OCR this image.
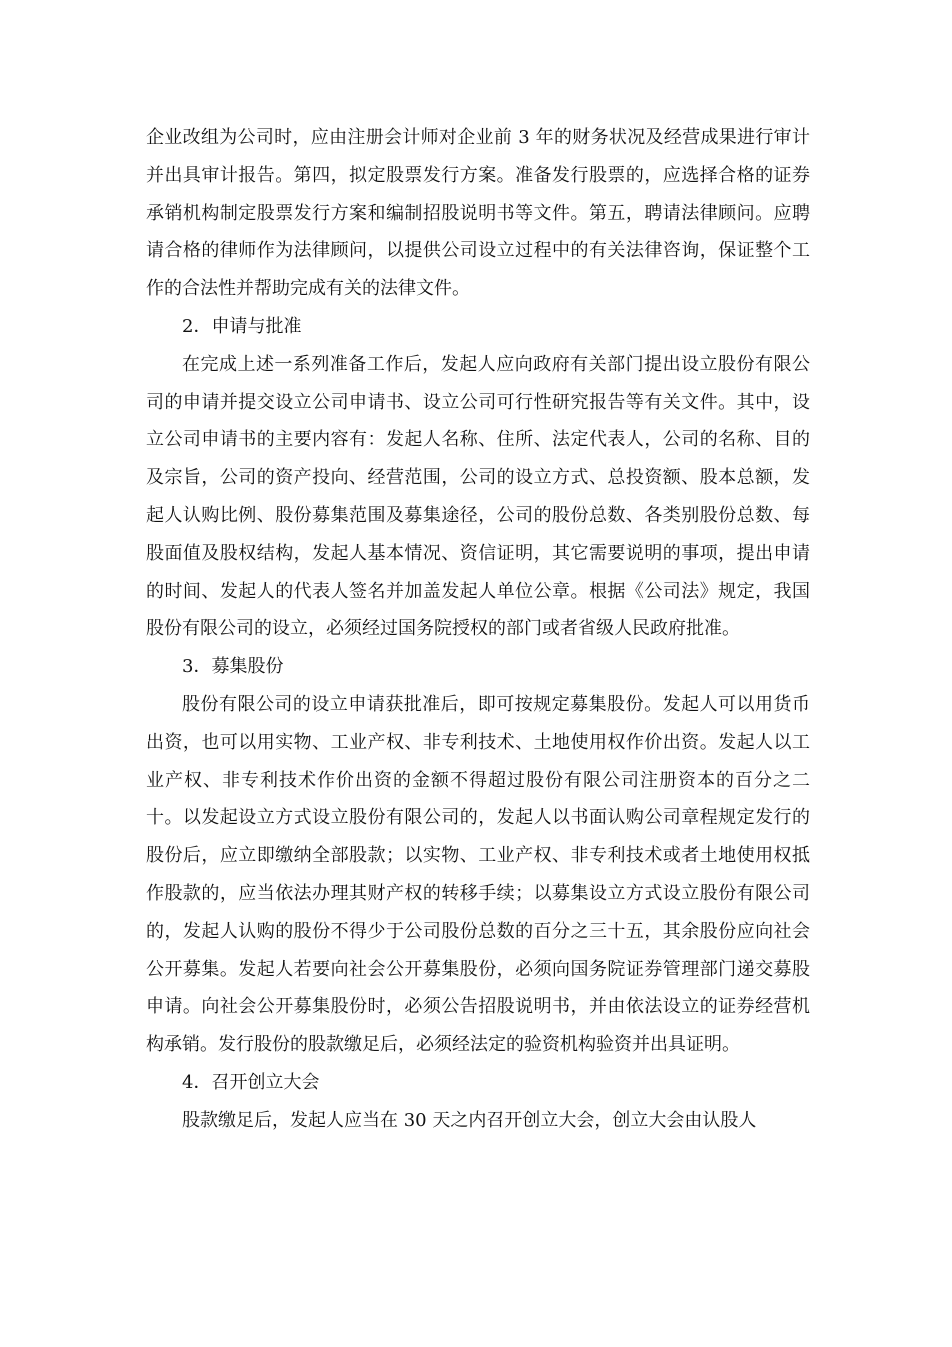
企业改组为公司时，应由注册会计师对企业前 3 年的财务状况及经营成果进行审计并出具审计报告。第四，拟定股票发行方案。准备发行股票的，应选择合格的证券承销机构制定股票发行方案和编制招股说明书等文件。第五，聘请法律顾问。应聘请合格的律师作为法律顾问，以提供公司设立过程中的有关法律咨询，保证整个工作的合法性并帮助完成有关的法律文件。

2．申请与批准

在完成上述一系列准备工作后，发起人应向政府有关部门提出设立股份有限公司的申请并提交设立公司申请书、设立公司可行性研究报告等有关文件。其中，设立公司申请书的主要内容有：发起人名称、住所、法定代表人，公司的名称、目的及宗旨，公司的资产投向、经营范围，公司的设立方式、总投资额、股本总额，发起人认购比例、股份募集范围及募集途径，公司的股份总数、各类别股份总数、每股面值及股权结构，发起人基本情况、资信证明，其它需要说明的事项，提出申请的时间、发起人的代表人签名并加盖发起人单位公章。根据《公司法》规定，我国股份有限公司的设立，必须经过国务院授权的部门或者省级人民政府批准。

3．募集股份

股份有限公司的设立申请获批准后，即可按规定募集股份。发起人可以用货币出资，也可以用实物、工业产权、非专利技术、土地使用权作价出资。发起人以工业产权、非专利技术作价出资的金额不得超过股份有限公司注册资本的百分之二十。以发起设立方式设立股份有限公司的，发起人以书面认购公司章程规定发行的股份后，应立即缴纳全部股款；以实物、工业产权、非专利技术或者土地使用权抵作股款的，应当依法办理其财产权的转移手续；以募集设立方式设立股份有限公司的，发起人认购的股份不得少于公司股份总数的百分之三十五，其余股份应向社会公开募集。发起人若要向社会公开募集股份，必须向国务院证券管理部门递交募股申请。向社会公开募集股份时，必须公告招股说明书，并由依法设立的证券经营机构承销。发行股份的股款缴足后，必须经法定的验资机构验资并出具证明。

4．召开创立大会

股款缴足后，发起人应当在 30 天之内召开创立大会，创立大会由认股人
